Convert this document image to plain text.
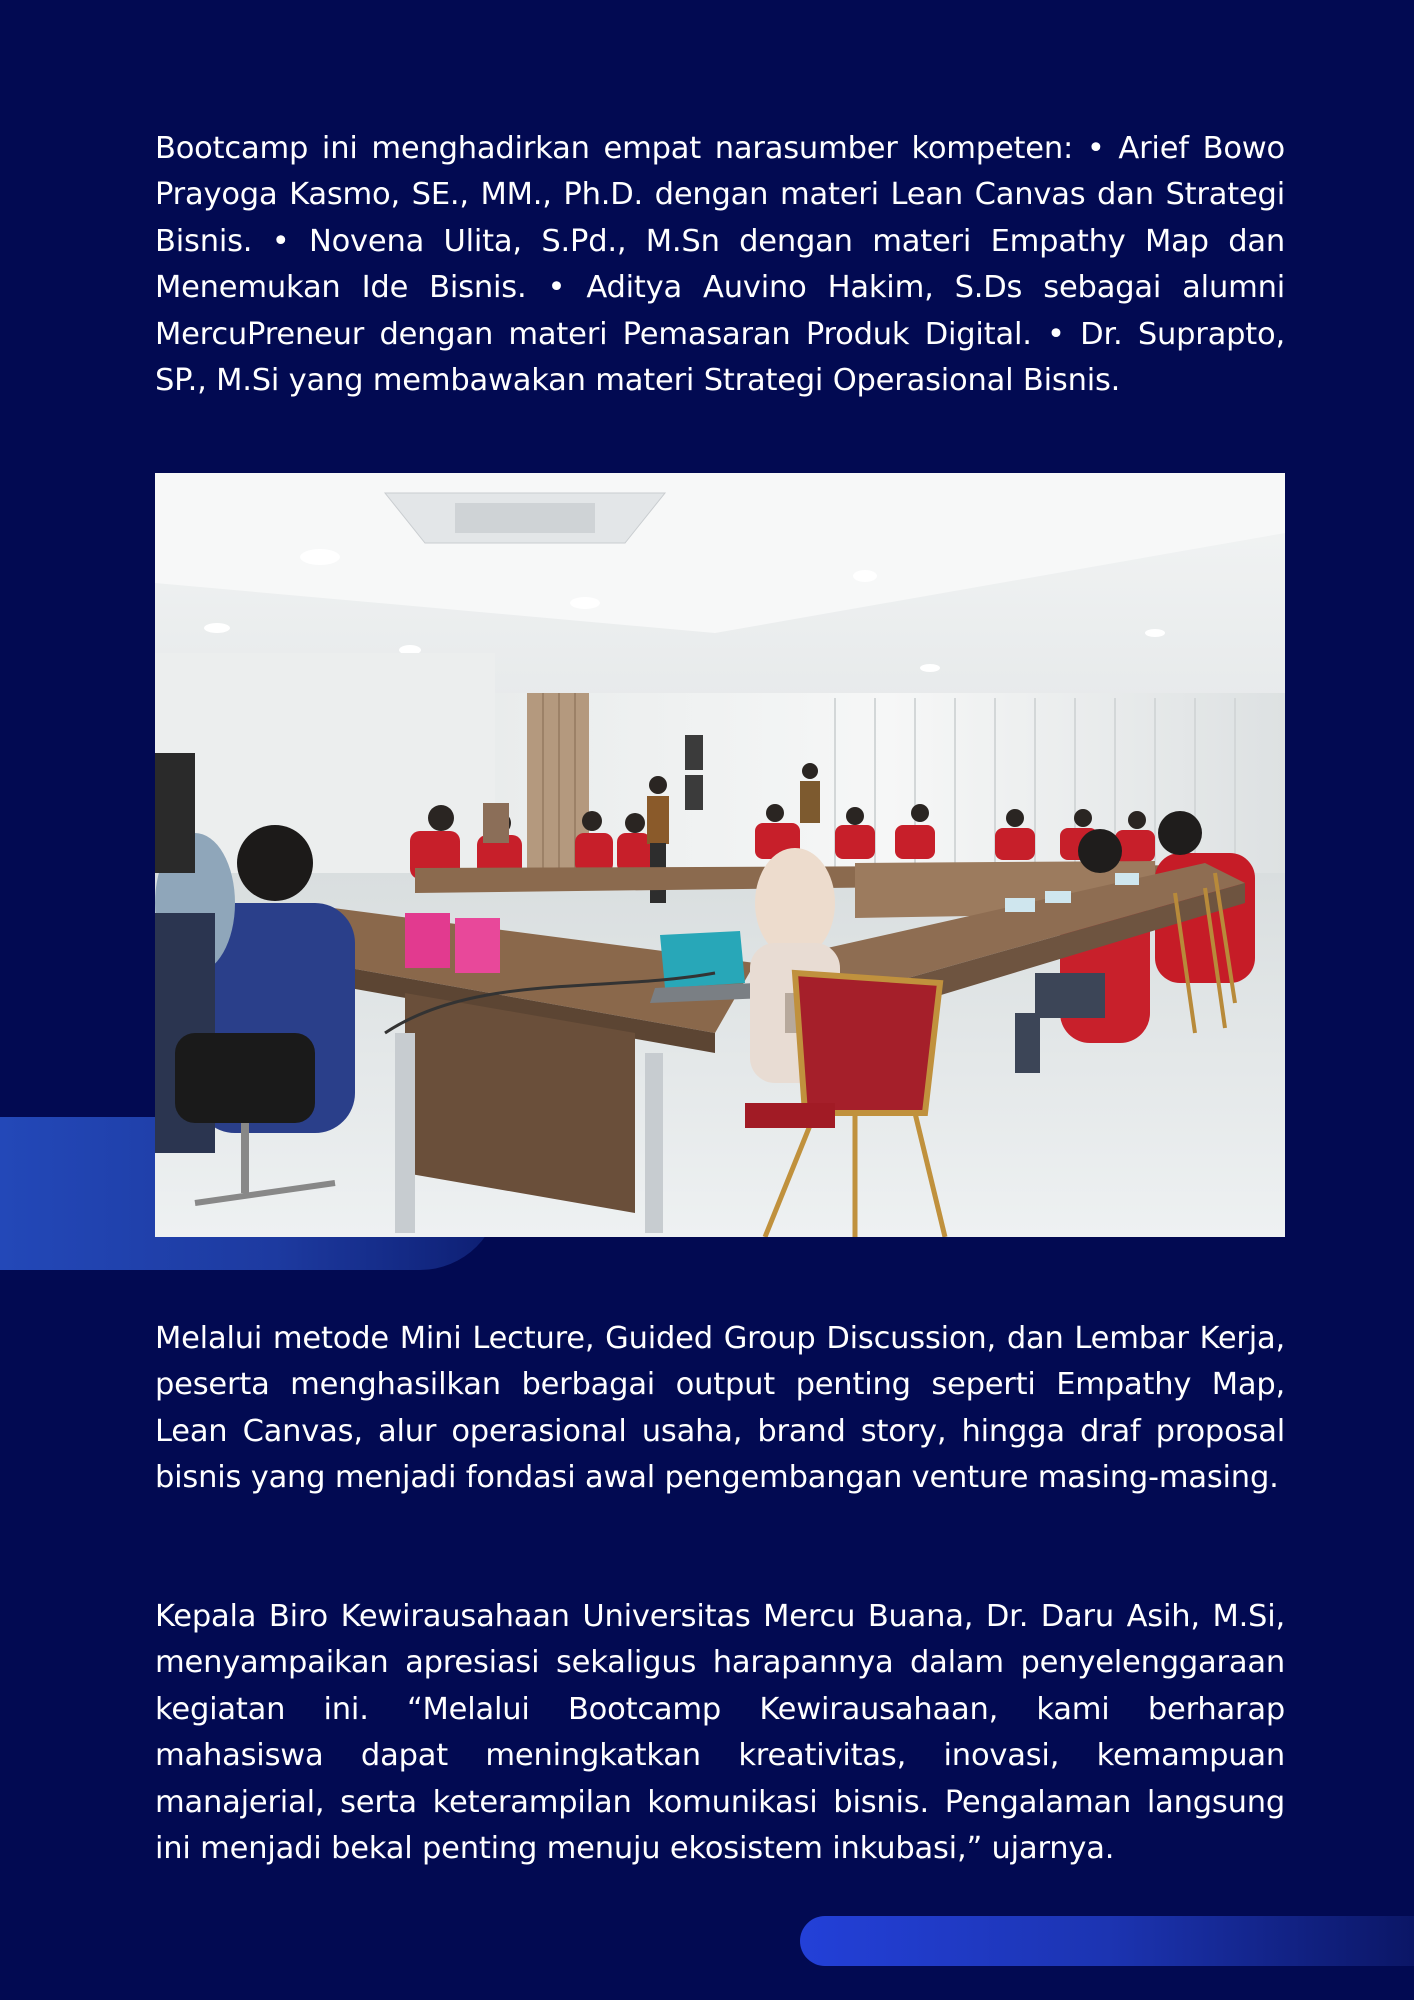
Bootcamp ini menghadirkan empat narasumber kompeten: • Arief Bowo Prayoga Kasmo, SE., MM., Ph.D. dengan materi Lean Canvas dan Strategi Bisnis. • Novena Ulita, S.Pd., M.Sn dengan materi Empathy Map dan Menemukan Ide Bisnis. • Aditya Auvino Hakim, S.Ds sebagai alumni MercuPreneur dengan materi Pemasaran Produk Digital. • Dr. Suprapto, SP., M.Si yang membawakan materi Strategi Operasional Bisnis.

Melalui metode Mini Lecture, Guided Group Discussion, dan Lembar Kerja, peserta menghasilkan berbagai output penting seperti Empathy Map, Lean Canvas, alur operasional usaha, brand story, hingga draf proposal bisnis yang menjadi fondasi awal pengembangan venture masing-masing.

Kepala Biro Kewirausahaan Universitas Mercu Buana, Dr. Daru Asih, M.Si, menyampaikan apresiasi sekaligus harapannya dalam penyelenggaraan kegiatan ini. “Melalui Bootcamp Kewirausahaan, kami berharap mahasiswa dapat meningkatkan kreativitas, inovasi, kemampuan manajerial, serta keterampilan komunikasi bisnis. Pengalaman langsung ini menjadi bekal penting menuju ekosistem inkubasi,” ujarnya.
